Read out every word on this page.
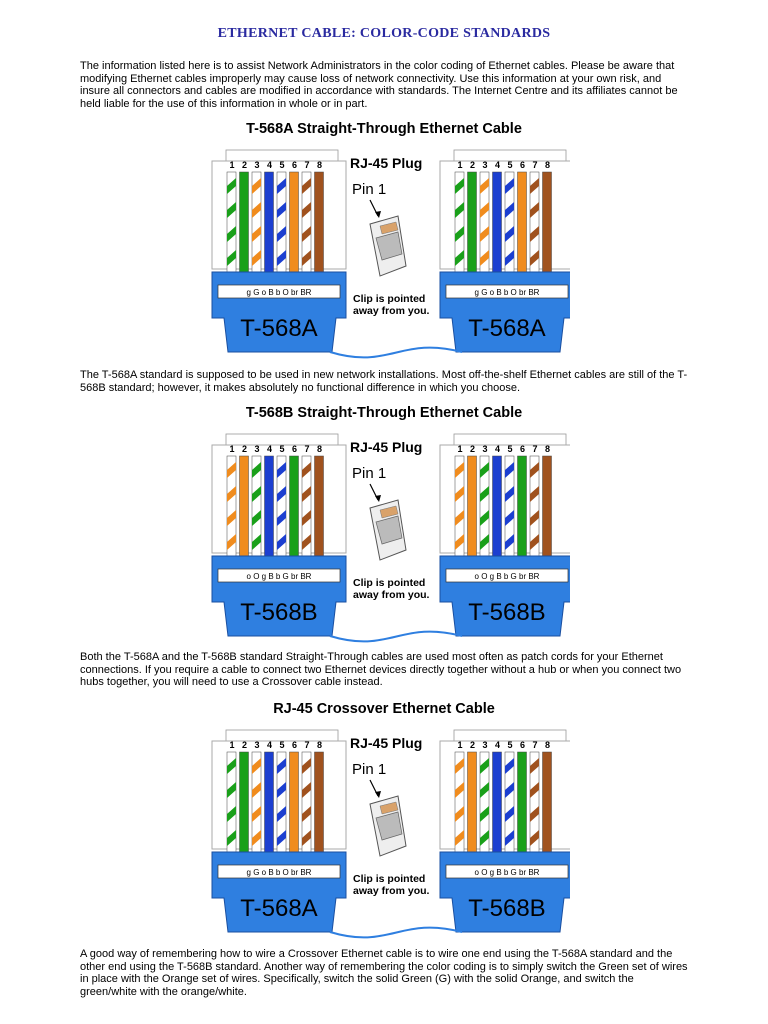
ETHERNET CABLE: COLOR-CODE STANDARDS
The information listed here is to assist Network Administrators in the color coding of Ethernet cables. Please be aware that modifying Ethernet cables improperly may cause loss of network connectivity. Use this information at your own risk, and insure all connectors and cables are modified in accordance with standards. The Internet Centre and its affiliates cannot be held liable for the use of this information in whole or in part.
T-568A Straight-Through Ethernet Cable
1 2 3 4 5 6 7 8
g G o B b O br BR
T-568A
1 2 3 4 5 6 7 8
g G o B b O br BR
T-568A
RJ-45 Plug
Pin 1
Clip is pointed
away from you.
The T-568A standard is supposed to be used in new network installations. Most off-the-shelf Ethernet cables are still of the T-568B standard; however, it makes absolutely no functional difference in which you choose.
T-568B Straight-Through Ethernet Cable
1 2 3 4 5 6 7 8
o O g B b G br BR
T-568B
1 2 3 4 5 6 7 8
o O g B b G br BR
T-568B
RJ-45 Plug
Pin 1
Clip is pointed
away from you.
Both the T-568A and the T-568B standard Straight-Through cables are used most often as patch cords for your Ethernet connections. If you require a cable to connect two Ethernet devices directly together without a hub or when you connect two hubs together, you will need to use a Crossover cable instead.
RJ-45 Crossover Ethernet Cable
1 2 3 4 5 6 7 8
g G o B b O br BR
T-568A
1 2 3 4 5 6 7 8
o O g B b G br BR
T-568B
RJ-45 Plug
Pin 1
Clip is pointed
away from you.
A good way of remembering how to wire a Crossover Ethernet cable is to wire one end using the T-568A standard and the other end using the T-568B standard. Another way of remembering the color coding is to simply switch the Green set of wires in place with the Orange set of wires. Specifically, switch the solid Green (G) with the solid Orange, and switch the green/white with the orange/white.
